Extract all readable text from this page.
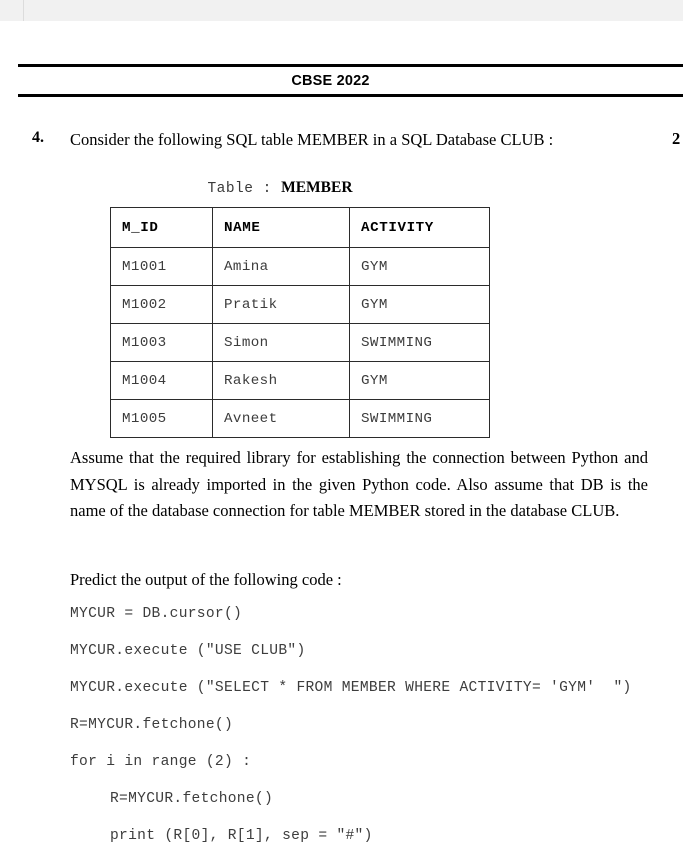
CBSE 2022
4. Consider the following SQL table MEMBER in a SQL Database CLUB :	2
Table : MEMBER
M_ID	NAME	ACTIVITY
M1001	Amina	GYM
M1002	Pratik	GYM
M1003	Simon	SWIMMING
M1004	Rakesh	GYM
M1005	Avneet	SWIMMING
Assume that the required library for establishing the connection between Python and MYSQL is already imported in the given Python code. Also assume that DB is the name of the database connection for table MEMBER stored in the database CLUB.
Predict the output of the following code :
MYCUR = DB.cursor()
MYCUR.execute ("USE CLUB")
MYCUR.execute ("SELECT * FROM MEMBER WHERE ACTIVITY= 'GYM'  ")
R=MYCUR.fetchone()
for i in range (2) :
R=MYCUR.fetchone()
print (R[0], R[1], sep = "#")
